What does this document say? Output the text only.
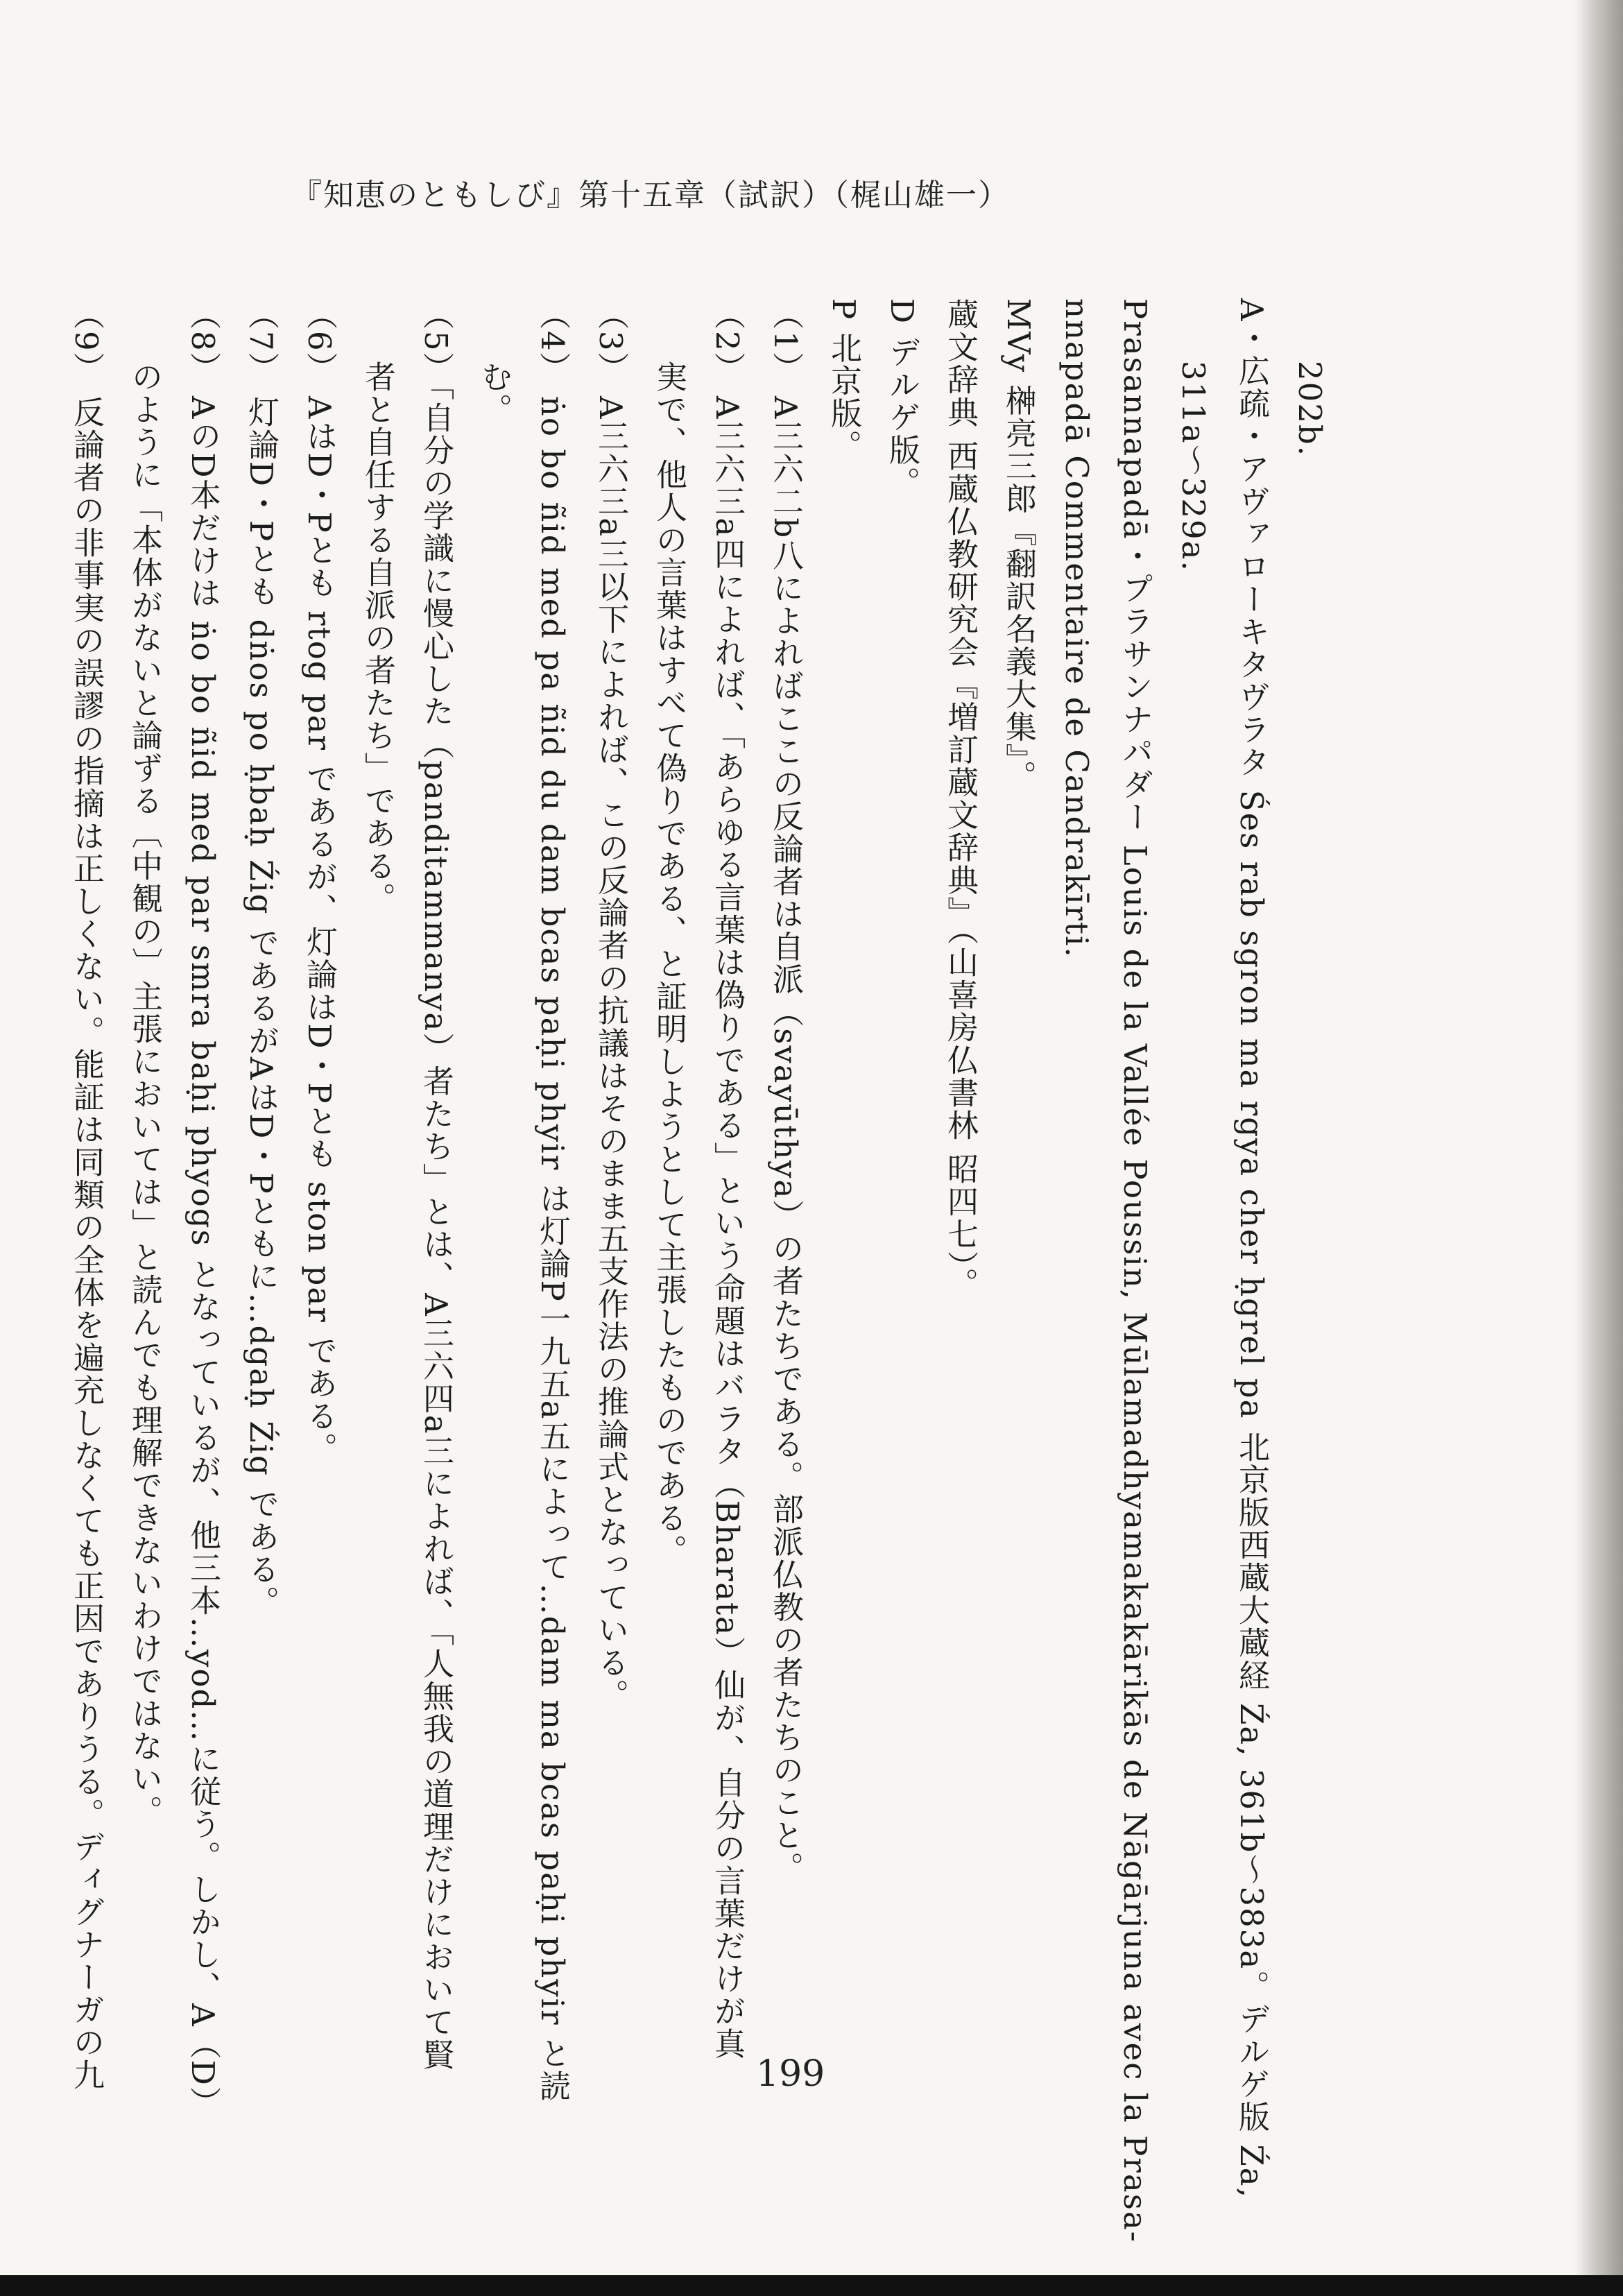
『知恵のともしび』第十五章（試訳）（梶山雄一）
202b.
A・広疏・アヴァローキタヴラタ Śes rab sgron ma rgya cher ḥgrel pa 北京版西蔵大蔵経 Źa, 361b〜383a。デルゲ版 Źa,
311a〜329a.
Prasannapadā・プラサンナパダー Louis de la Vallée Poussin, Mūlamadhyamakakārikās de Nāgārjuna avec la Prasa-
nnapadā Commentaire de Candrakīrti.
MVy 榊亮三郎『翻訳名義大集』。
蔵文辞典 西蔵仏教研究会『増訂蔵文辞典』（山喜房仏書林 昭四七）。
D デルゲ版。
P 北京版。
（1） A三六二b八によればここの反論者は自派（svayūthya）の者たちである。部派仏教の者たちのこと。
（2） A三六三a四によれば、「あらゆる言葉は偽りである」という命題はバラタ（Bharata）仙が、自分の言葉だけが真
実で、他人の言葉はすべて偽りである、と証明しようとして主張したものである。
（3） A三六三a三以下によれば、この反論者の抗議はそのまま五支作法の推論式となっている。
（4） ṅo bo ñid med pa ñid du dam bcas paḥi phyir は灯論P一九五a五によって…dam ma bcas paḥi phyir と読
む。
（5）「自分の学識に慢心した（panditammanya）者たち」とは、A三六四a三によれば、「人無我の道理だけにおいて賢
者と自任する自派の者たち」である。
（6） AはD・Pとも rtog par であるが、灯論はD・Pとも ston par である。
（7） 灯論D・Pとも dṅos po ḥbaḥ Źig であるがAはD・Pともに…dgaḥ Źig である。
（8） AのD本だけは ṅo bo ñid med par smra baḥi phyogs となっているが、他三本…yod…に従う。しかし、A（D）
のように「本体がないと論ずる〔中観の〕主張においては」と読んでも理解できないわけではない。
（9） 反論者の非事実の誤謬の指摘は正しくない。能証は同類の全体を遍充しなくても正因でありうる。ディグナーガの九	199
